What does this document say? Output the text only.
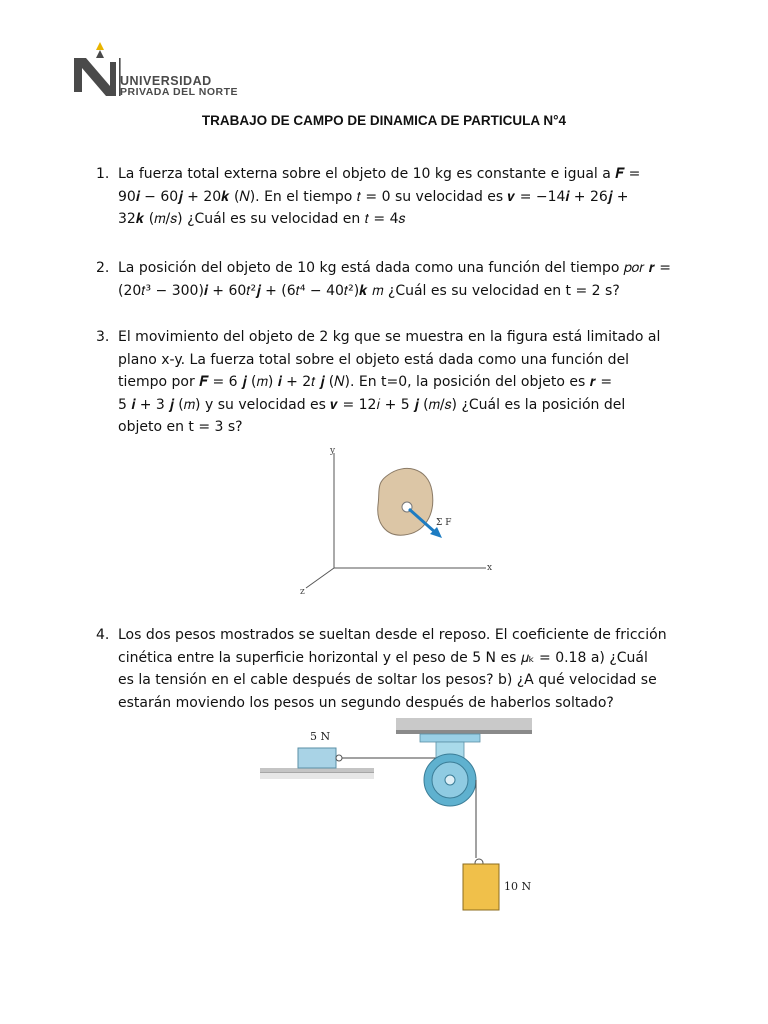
UNIVERSIDAD
PRIVADA DEL NORTE
TRABAJO DE CAMPO DE DINAMICA DE PARTICULA N°4
1. La fuerza total externa sobre el objeto de 10 kg es constante e igual a 𝑭 =
90𝒊 − 60𝒋 + 20𝒌 (𝑁). En el tiempo 𝑡 = 0 su velocidad es 𝒗 = −14𝒊 + 26𝒋 +
32𝒌 (𝑚/𝑠) ¿Cuál es su velocidad en 𝑡 = 4𝑠
2. La posición del objeto de 10 kg está dada como una función del tiempo 𝑝𝑜𝑟 𝒓 =
(20𝑡³ − 300)𝒊 + 60𝑡²𝒋 + (6𝑡⁴ − 40𝑡²)𝒌 𝑚 ¿Cuál es su velocidad en t = 2 s?
3. El movimiento del objeto de 2 kg que se muestra en la figura está limitado al
plano x-y. La fuerza total sobre el objeto está dada como una función del
tiempo por 𝑭 = 6 𝒋 (𝑚) 𝒊 + 2𝑡 𝒋 (𝑁). En t=0, la posición del objeto es 𝒓 =
5 𝒊 + 3 𝒋 (𝑚) y su velocidad es 𝒗 = 12𝑖 + 5 𝒋 (𝑚/𝑠) ¿Cuál es la posición del
objeto en t = 3 s?
y
x
z
Σ F
4. Los dos pesos mostrados se sueltan desde el reposo. El coeficiente de fricción
cinética entre la superficie horizontal y el peso de 5 N es 𝜇ₖ = 0.18 a) ¿Cuál
es la tensión en el cable después de soltar los pesos? b) ¿A qué velocidad se
estarán moviendo los pesos un segundo después de haberlos soltado?
5 N
10 N
